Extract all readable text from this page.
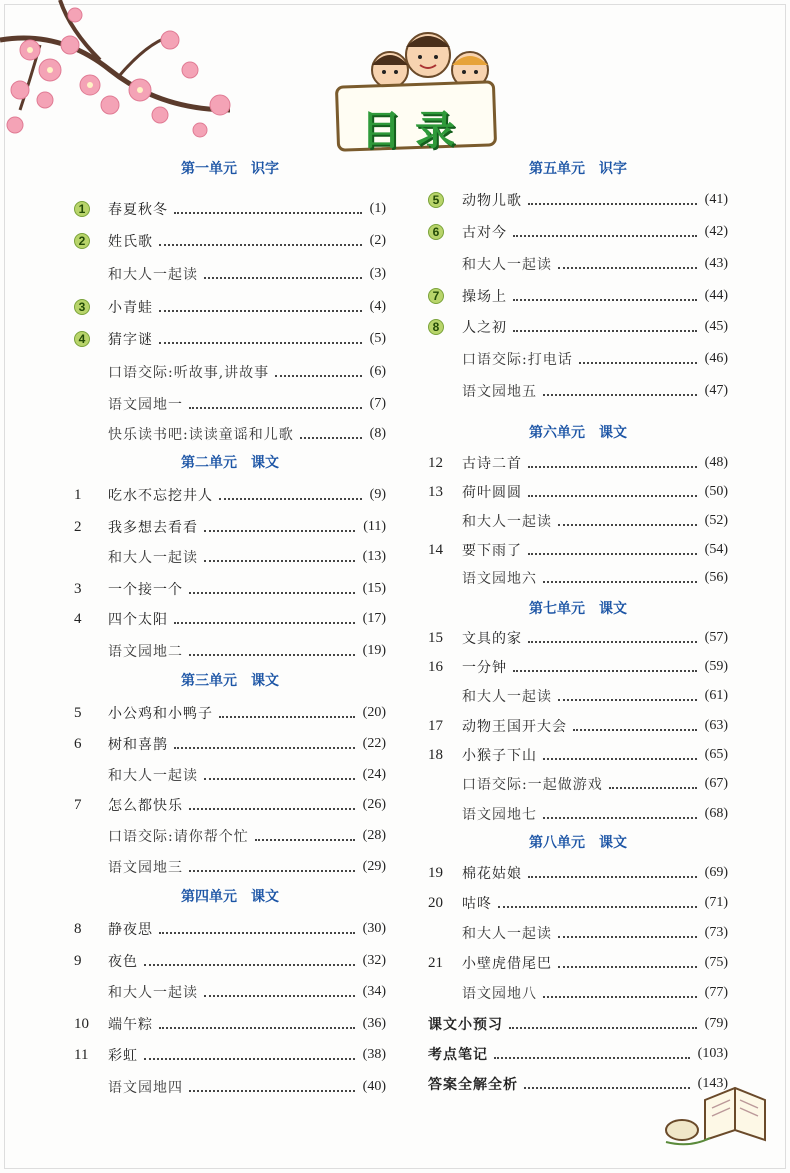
目录
第一单元　识字
1	春夏秋冬	(1)
2	姓氏歌	(2)
和大人一起读	(3)
3	小青蛙	(4)
4	猜字谜	(5)
口语交际:听故事,讲故事	(6)
语文园地一	(7)
快乐读书吧:读读童谣和儿歌	(8)
第二单元　课文
1	吃水不忘挖井人	(9)
2	我多想去看看	(11)
和大人一起读	(13)
3	一个接一个	(15)
4	四个太阳	(17)
语文园地二	(19)
第三单元　课文
5	小公鸡和小鸭子	(20)
6	树和喜鹊	(22)
和大人一起读	(24)
7	怎么都快乐	(26)
口语交际:请你帮个忙	(28)
语文园地三	(29)
第四单元　课文
8	静夜思	(30)
9	夜色	(32)
和大人一起读	(34)
10	端午粽	(36)
11	彩虹	(38)
语文园地四	(40)
第五单元　识字
5	动物儿歌	(41)
6	古对今	(42)
和大人一起读	(43)
7	操场上	(44)
8	人之初	(45)
口语交际:打电话	(46)
语文园地五	(47)
第六单元　课文
12	古诗二首	(48)
13	荷叶圆圆	(50)
和大人一起读	(52)
14	要下雨了	(54)
语文园地六	(56)
第七单元　课文
15	文具的家	(57)
16	一分钟	(59)
和大人一起读	(61)
17	动物王国开大会	(63)
18	小猴子下山	(65)
口语交际:一起做游戏	(67)
语文园地七	(68)
第八单元　课文
19	棉花姑娘	(69)
20	咕咚	(71)
和大人一起读	(73)
21	小壁虎借尾巴	(75)
语文园地八	(77)
课文小预习	(79)
考点笔记	(103)
答案全解全析	(143)
